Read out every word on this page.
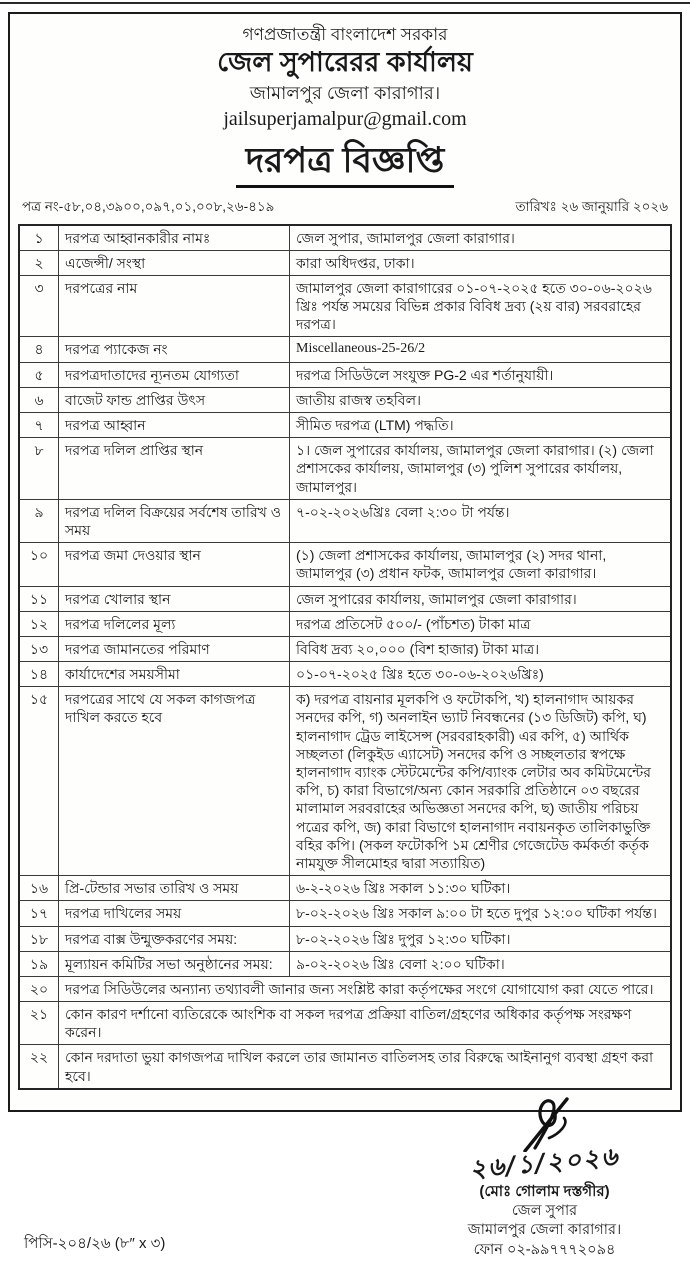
গণপ্রজাতন্ত্রী বাংলাদেশ সরকার
জেল সুপারেরর কার্যালয়
জামালপুর জেলা কারাগার।
jailsuperjamalpur@gmail.com
দরপত্র বিজ্ঞপ্তি
পত্র নং-৫৮,০৪,৩৯০০,০৯৭,০১,০০৮,২৬-৪১৯	তারিখঃ ২৬ জানুয়ারি ২০২৬
১	দরপত্র আহ্বানকারীর নামঃ	জেল সুপার, জামালপুর জেলা কারাগার।
২	এজেন্সী/ সংস্থা	কারা অধিদপ্তর, ঢাকা।
৩	দরপত্রের নাম	জামালপুর জেলা কারাগারের ০১-০৭-২০২৫ হতে ৩০-০৬-২০২৬ খ্রিঃ পর্যন্ত সময়ের বিভিন্ন প্রকার বিবিধ দ্রব্য (২য় বার) সরবরাহের দরপত্র।
৪	দরপত্র প্যাকেজ নং	Miscellaneous-25-26/2
৫	দরপত্রদাতাদের ন্যূনতম যোগ্যতা	দরপত্র সিডিউলে সংযুক্ত PG-2 এর শর্তানুযায়ী।
৬	বাজেট ফান্ড প্রাপ্তির উৎস	জাতীয় রাজস্ব তহবিল।
৭	দরপত্র আহ্বান	সীমিত দরপত্র (LTM) পদ্ধতি।
৮	দরপত্র দলিল প্রাপ্তির স্থান	১। জেল সুপারের কার্যালয়, জামালপুর জেলা কারাগার। (২) জেলা প্রশাসকের কার্যালয়, জামালপুর (৩) পুলিশ সুপারের কার্যালয়, জামালপুর।
৯	দরপত্র দলিল বিক্রয়ের সর্বশেষ তারিখ ও সময়	৭-০২-২০২৬খ্রিঃ বেলা ২:৩০ টা পর্যন্ত।
১০	দরপত্র জমা দেওয়ার স্থান	(১) জেলা প্রশাসকের কার্যালয়, জামালপুর (২) সদর থানা, জামালপুর (৩) প্রধান ফটক, জামালপুর জেলা কারাগার।
১১	দরপত্র খোলার স্থান	জেল সুপারের কার্যালয়, জামালপুর জেলা কারাগার।
১২	দরপত্র দলিলের মূল্য	দরপত্র প্রতিসেট ৫০০/- (পাঁচশত) টাকা মাত্র
১৩	দরপত্র জামানতের পরিমাণ	বিবিধ দ্রব্য ২০,০০০ (বিশ হাজার) টাকা মাত্র।
১৪	কার্যাদেশের সময়সীমা	০১-০৭-২০২৫ খ্রিঃ হতে ৩০-০৬-২০২৬খ্রিঃ)
১৫	দরপত্রের সাথে যে সকল কাগজপত্র দাখিল করতে হবে	ক) দরপত্র বায়নার মূলকপি ও ফটোকপি, খ) হালনাগাদ আয়কর সনদের কপি, গ) অনলাইন ভ্যাট নিবন্ধনের (১৩ ডিজিট) কপি, ঘ) হালনাগাদ ট্রেড লাইসেন্স (সরবরাহকারী) এর কপি, ৫) আর্থিক সচ্ছলতা (লিকুইড এ্যাসেট) সনদের কপি ও সচ্ছলতার স্বপক্ষে হালনাগাদ ব্যাংক স্টেটমেন্টের কপি/ব্যাংক লেটার অব কমিটমেন্টের কপি, চ) কারা বিভাগে/অন্য কোন সরকারি প্রতিষ্ঠানে ০৩ বছরের মালামাল সরবরাহের অভিজ্ঞতা সনদের কপি, ছ) জাতীয় পরিচয় পত্রের কপি, জ) কারা বিভাগে হালনাগাদ নবায়নকৃত তালিকাভুক্তি বহির কপি। (সকল ফটোকপি ১ম শ্রেণীর গেজেটেড কর্মকর্তা কর্তৃক নামযুক্ত সীলমোহর দ্বারা সত্যায়িত)
১৬	প্রি-টেন্ডার সভার তারিখ ও সময়	৬-২-২০২৬ খ্রিঃ সকাল ১১:৩০ ঘটিকা।
১৭	দরপত্র দাখিলের সময়	৮-০২-২০২৬ খ্রিঃ সকাল ৯:০০ টা হতে দুপুর ১২:০০ ঘটিকা পর্যন্ত।
১৮	দরপত্র বাক্স উন্মুক্তকরণের সময়:	৮-০২-২০২৬ খ্রিঃ দুপুর ১২:৩০ ঘটিকা।
১৯	মূল্যায়ন কমিটির সভা অনুষ্ঠানের সময়:	৯-০২-২০২৬ খ্রিঃ বেলা ২:০০ ঘটিকা।
২০	দরপত্র সিডিউলের অন্যান্য তথ্যাবলী জানার জন্য সংশ্লিষ্ট কারা কর্তৃপক্ষের সংগে যোগাযোগ করা যেতে পারে।	
২১	কোন কারণ দর্শানো ব্যতিরেকে আংশিক বা সকল দরপত্র প্রক্রিয়া বাতিল/গ্রহণের অধিকার কর্তৃপক্ষ সংরক্ষণ করেন।	
২২	কোন দরদাতা ভুয়া কাগজপত্র দাখিল করলে তার জামানত বাতিলসহ তার বিরুদ্ধে আইনানুগ ব্যবস্থা গ্রহণ করা হবে।	
পিসি-২০৪/২৬ (৮″ x ৩)
২৬/১/২০২৬
(মোঃ গোলাম দস্তগীর)
জেল সুপার
জামালপুর জেলা কারাগার।
ফোন ০২-৯৯৭৭৭২০৯৪
